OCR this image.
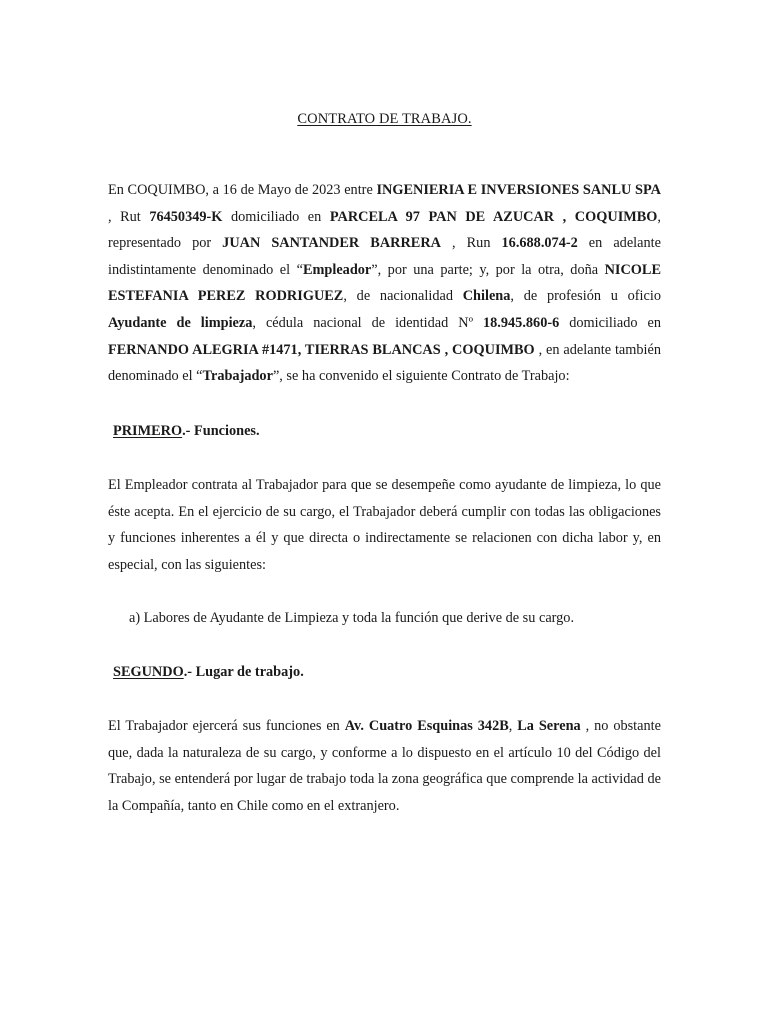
CONTRATO DE TRABAJO.
En COQUIMBO, a 16 de Mayo de 2023 entre INGENIERIA E INVERSIONES SANLU SPA , Rut 76450349-K domiciliado en PARCELA 97 PAN DE AZUCAR , COQUIMBO, representado por JUAN SANTANDER BARRERA , Run 16.688.074-2 en adelante indistintamente denominado el “Empleador”, por una parte; y, por la otra, doña NICOLE ESTEFANIA PEREZ RODRIGUEZ, de nacionalidad Chilena, de profesión u oficio Ayudante de limpieza, cédula nacional de identidad Nº 18.945.860-6 domiciliado en FERNANDO ALEGRIA #1471, TIERRAS BLANCAS , COQUIMBO , en adelante también denominado el “Trabajador”, se ha convenido el siguiente Contrato de Trabajo:
PRIMERO.- Funciones.
El Empleador contrata al Trabajador para que se desempeñe como ayudante de limpieza, lo que éste acepta. En el ejercicio de su cargo, el Trabajador deberá cumplir con todas las obligaciones y funciones inherentes a él y que directa o indirectamente se relacionen con dicha labor y, en especial, con las siguientes:
a) Labores de Ayudante de Limpieza y toda la función que derive de su cargo.
SEGUNDO.- Lugar de trabajo.
El Trabajador ejercerá sus funciones en Av. Cuatro Esquinas 342B, La Serena , no obstante que, dada la naturaleza de su cargo, y conforme a lo dispuesto en el artículo 10 del Código del Trabajo, se entenderá por lugar de trabajo toda la zona geográfica que comprende la actividad de la Compañía, tanto en Chile como en el extranjero.
